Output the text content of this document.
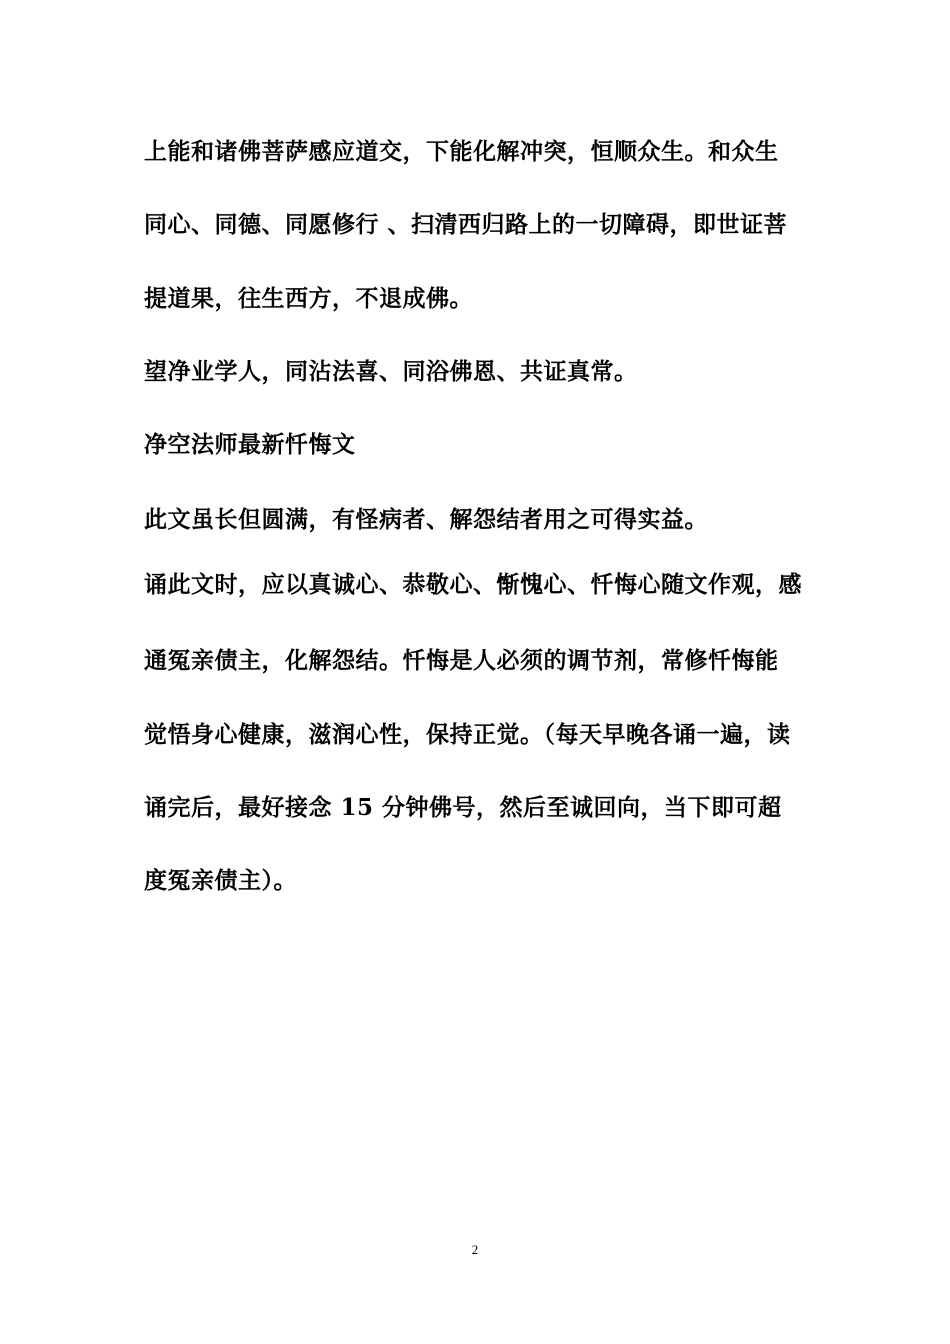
上能和诸佛菩萨感应道交，下能化解冲突，恒顺众生。和众生
同心、同德、同愿修行 、扫清西归路上的一切障碍，即世证菩
提道果，往生西方，不退成佛。
望净业学人，同沾法喜、同浴佛恩、共证真常。
净空法师最新忏悔文
此文虽长但圆满，有怪病者、解怨结者用之可得实益。
诵此文时，应以真诚心、恭敬心、惭愧心、忏悔心随文作观，感
通冤亲债主，化解怨结。忏悔是人必须的调节剂，常修忏悔能
觉悟身心健康，滋润心性，保持正觉。（每天早晚各诵一遍，读
诵完后，最好接念 15 分钟佛号，然后至诚回向，当下即可超
度冤亲债主）。
2
